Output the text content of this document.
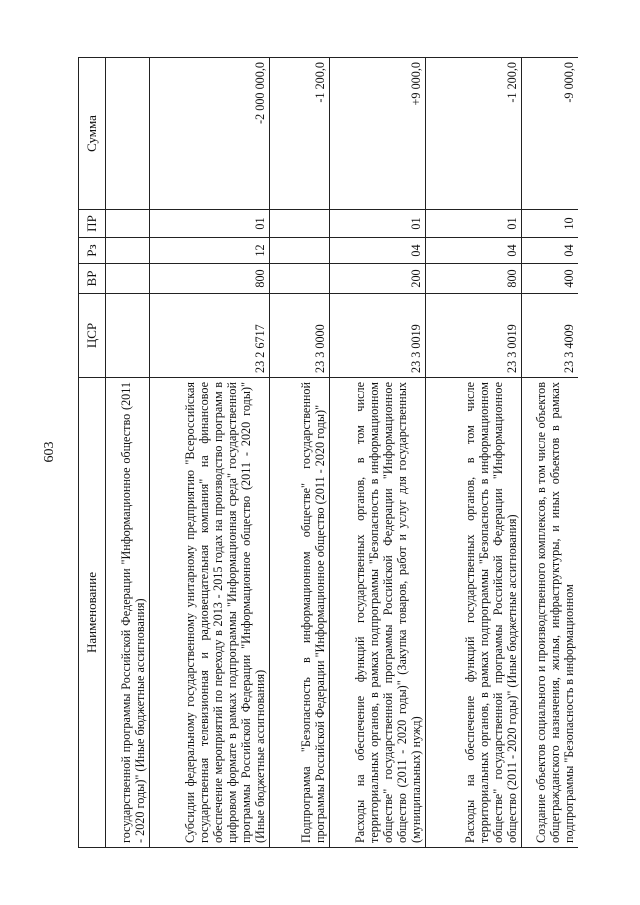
603
Наименование	ЦСР	ВР	Рз	ПР	Сумма
государственной программы Российской Федерации "Информационное общество (2011 - 2020 годы)" (Иные бюджетные ассигнования)					
Субсидии федеральному государственному унитарному предприятию "Всероссийская государственная телевизионная и радиовещательная компания" на финансовое обеспечение мероприятий по переходу в 2013 - 2015 годах на производство программ в цифровом формате в рамках подпрограммы "Информационная среда" государственной программы Российской Федерации "Информационное общество (2011 - 2020 годы)" (Иные бюджетные ассигнования)	23 2 6717	800	12	01	-2 000 000,0
Подпрограмма "Безопасность в информационном обществе" государственной программы Российской Федерации "Информационное общество (2011 - 2020 годы)"	23 3 0000				-1 200,0
Расходы на обеспечение функций государственных органов, в том числе территориальных органов, в рамках подпрограммы "Безопасность в информационном обществе" государственной программы Российской Федерации "Информационное общество (2011 - 2020 годы)" (Закупка товаров, работ и услуг для государственных (муниципальных) нужд)	23 3 0019	200	04	01	+9 000,0
Расходы на обеспечение функций государственных органов, в том числе территориальных органов, в рамках подпрограммы "Безопасность в информационном обществе" государственной программы Российской Федерации "Информационное общество (2011 - 2020 годы)" (Иные бюджетные ассигнования)	23 3 0019	800	04	01	-1 200,0
Создание объектов социального и производственного комплексов, в том числе объектов общегражданского назначения, жилья, инфраструктуры, и иных объектов в рамках подпрограммы "Безопасность в информационном	23 3 4009	400	04	10	-9 000,0
